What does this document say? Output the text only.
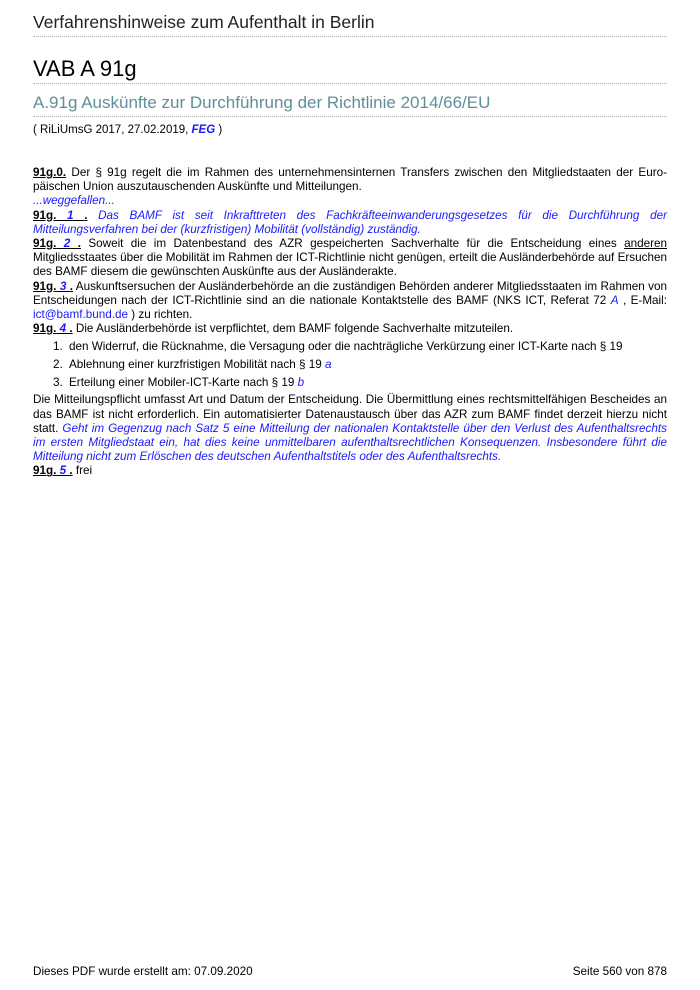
Verfahrenshinweise zum Aufenthalt in Berlin
VAB A 91g
A.91g Auskünfte zur Durchführung der Richtlinie 2014/66/EU
( RiLiUmsG 2017, 27.02.2019, FEG )

91g.0. Der § 91g regelt die im Rahmen des unternehmensinternen Transfers zwischen den Mitgliedstaaten der Euro-päischen Union auszutauschenden Auskünfte und Mitteilungen.

...weggefallen...

91g. 1 . Das BAMF ist seit Inkrafttreten des Fachkräfteeinwanderungsgesetzes für die Durchführung der Mitteilungsverfahren bei der (kurzfristigen) Mobilität (vollständig) zuständig.

91g. 2 . Soweit die im Datenbestand des AZR gespeicherten Sachverhalte für die Entscheidung eines anderen Mitgliedsstaates über die Mobilität im Rahmen der ICT-Richtlinie nicht genügen, erteilt die Ausländerbehörde auf Ersuchen des BAMF diesem die gewünschten Auskünfte aus der Ausländerakte.

91g. 3 . Auskunftsersuchen der Ausländerbehörde an die zuständigen Behörden anderer Mitgliedsstaaten im Rahmen von Entscheidungen nach der ICT-Richtlinie sind an die nationale Kontaktstelle des BAMF (NKS ICT, Referat 72 A , E-Mail: ict@bamf.bund.de ) zu richten.

91g. 4 . Die Ausländerbehörde ist verpflichtet, dem BAMF folgende Sachverhalte mitzuteilen.

1. den Widerruf, die Rücknahme, die Versagung oder die nachträgliche Verkürzung einer ICT-Karte nach § 19
2. Ablehnung einer kurzfristigen Mobilität nach § 19 a
3. Erteilung einer Mobiler-ICT-Karte nach § 19 b

Die Mitteilungspflicht umfasst Art und Datum der Entscheidung. Die Übermittlung eines rechtsmittelfähigen Bescheides an das BAMF ist nicht erforderlich. Ein automatisierter Datenaustausch über das AZR zum BAMF findet derzeit hierzu nicht statt. Geht im Gegenzug nach Satz 5 eine Mitteilung der nationalen Kontaktstelle über den Verlust des Aufenthaltsrechts im ersten Mitgliedstaat ein, hat dies keine unmittelbaren aufenthaltsrechtlichen Konsequenzen. Insbesondere führt die Mitteilung nicht zum Erlöschen des deutschen Aufenthaltstitels oder des Aufenthaltsrechts.

91g. 5 . frei

Dieses PDF wurde erstellt am: 07.09.2020	Seite 560 von 878
